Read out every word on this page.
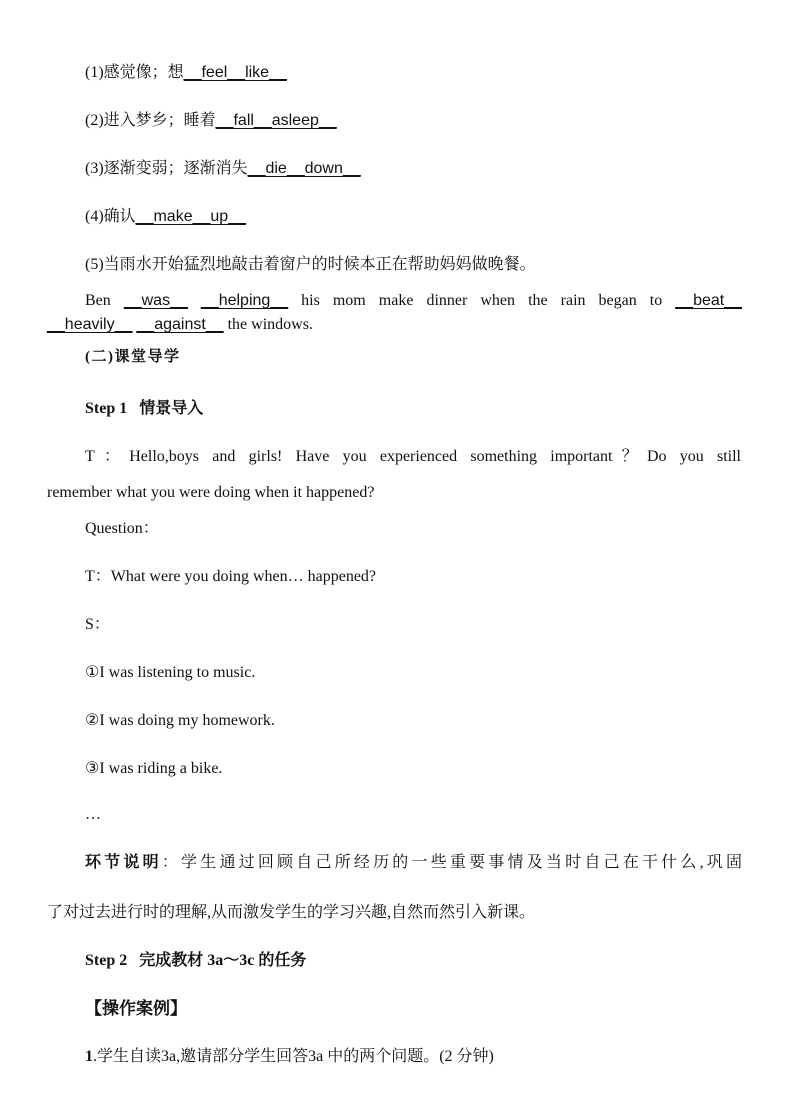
(1)感觉像；想__feel__like__
(2)进入梦乡；睡着__fall__asleep__
(3)逐渐变弱；逐渐消失__die__down__
(4)确认__make__up__
(5)当雨水开始猛烈地敲击着窗户的时候本正在帮助妈妈做晚餐。
Ben __was__ __helping__ his mom make dinner when the rain began to __beat__
__heavily__ __against__ the windows.
(二)课堂导学
Step 1 情景导入
T：Hello,boys and girls! Have you experienced something important？Do you still
remember what you were doing when it happened?
Question：
T：What were you doing when… happened?
S：
①I was listening to music.
②I was doing my homework.
③I was riding a bike.
…
环节说明：学生通过回顾自己所经历的一些重要事情及当时自己在干什么,巩固
了对过去进行时的理解,从而激发学生的学习兴趣,自然而然引入新课。
Step 2 完成教材 3a～3c 的任务
【操作案例】
1.学生自读3a,邀请部分学生回答3a 中的两个问题。(2 分钟)
